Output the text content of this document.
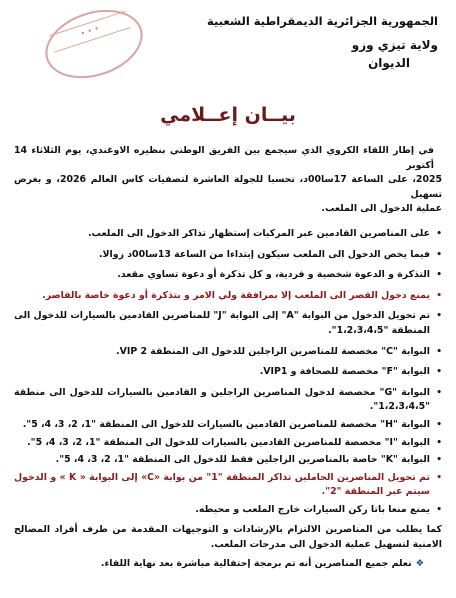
الجمهورية الجزائرية الديمقراطية الشعبية
ولاية تيزي وزو
الديوان
• • •
بيــان إعــلامي
في إطار اللقاء الكروي الذي سيجمع بين الفريق الوطني بنظيره الاوغندي، يوم الثلاثاء 14 أكتوبر
2025، على الساعة 17سا00د، تحسبا للجولة العاشرة لتصفيات كاس العالم 2026، و بغرض تسهيل
عملية الدخول الى الملعب.
•
على المناصرين القادمين عبر المركبات إستظهار تذاكر الدخول الى الملعب.
•
فيما يخص الدخول الى الملعب سيكون إبتداءا من الساعة 13سا00د زوالا.
•
التذكرة و الدعوة شخصية و فردية، و كل تذكرة أو دعوة تساوي مقعد.
•
يمنع دخول القصر الى الملعب إلا بمرافقة ولي الامر و بتذكرة أو دعوة خاصة بالقاصر.
•
تم تحويل الدخول من البوابة "A" إلى البوابة "J" للمناصرين القادمين بالسيارات للدخول الى المنطقة "1،2،3،4،5".
•
البوابة "C" مخصصة للمناصرين الراجلين للدخول الى المنطقة 2 VIP.
•
البوابة "F" مخصصة للصحافة و VIP1.
•
البوابة "G" مخصصة لدخول المناصرين الراجلين و القادمين بالسيارات للدخول الى منطقة "1،2،3،4،5".
•
البوابة "H" مخصصة للمناصرين القادمين بالسيارات للدخول الى المنطقة "1، 2، 3، 4، 5".
•
البوابة "I" مخصصة للمناصرين القادمين بالسيارات للدخول الى المنطقة "1، 2، 3، 4، 5".
•
البوابة "K" خاصة بالمناصرين الراجلين فقط للدخول الى المنطقة "1، 2، 3، 4، 5".
•
تم تحويل المناصرين الحاملين تذاكر المنطقة "1" من بوابة «C» إلى البوابة « K » و الدخول سيتم عبر المنطقة "2".
•
يمنع منعا باتا ركن السيارات خارج الملعب و محيطه.
كما يطلب من المناصرين الالتزام بالإرشادات و التوجيهات المقدمة من طرف أفراد المصالح الامنية لتسهيل عملية الدخول الى مدرجات الملعب.
❖نعلم جميع المناصرين أنه تم برمجة إحتفالية مباشرة بعد نهاية اللقاء.
